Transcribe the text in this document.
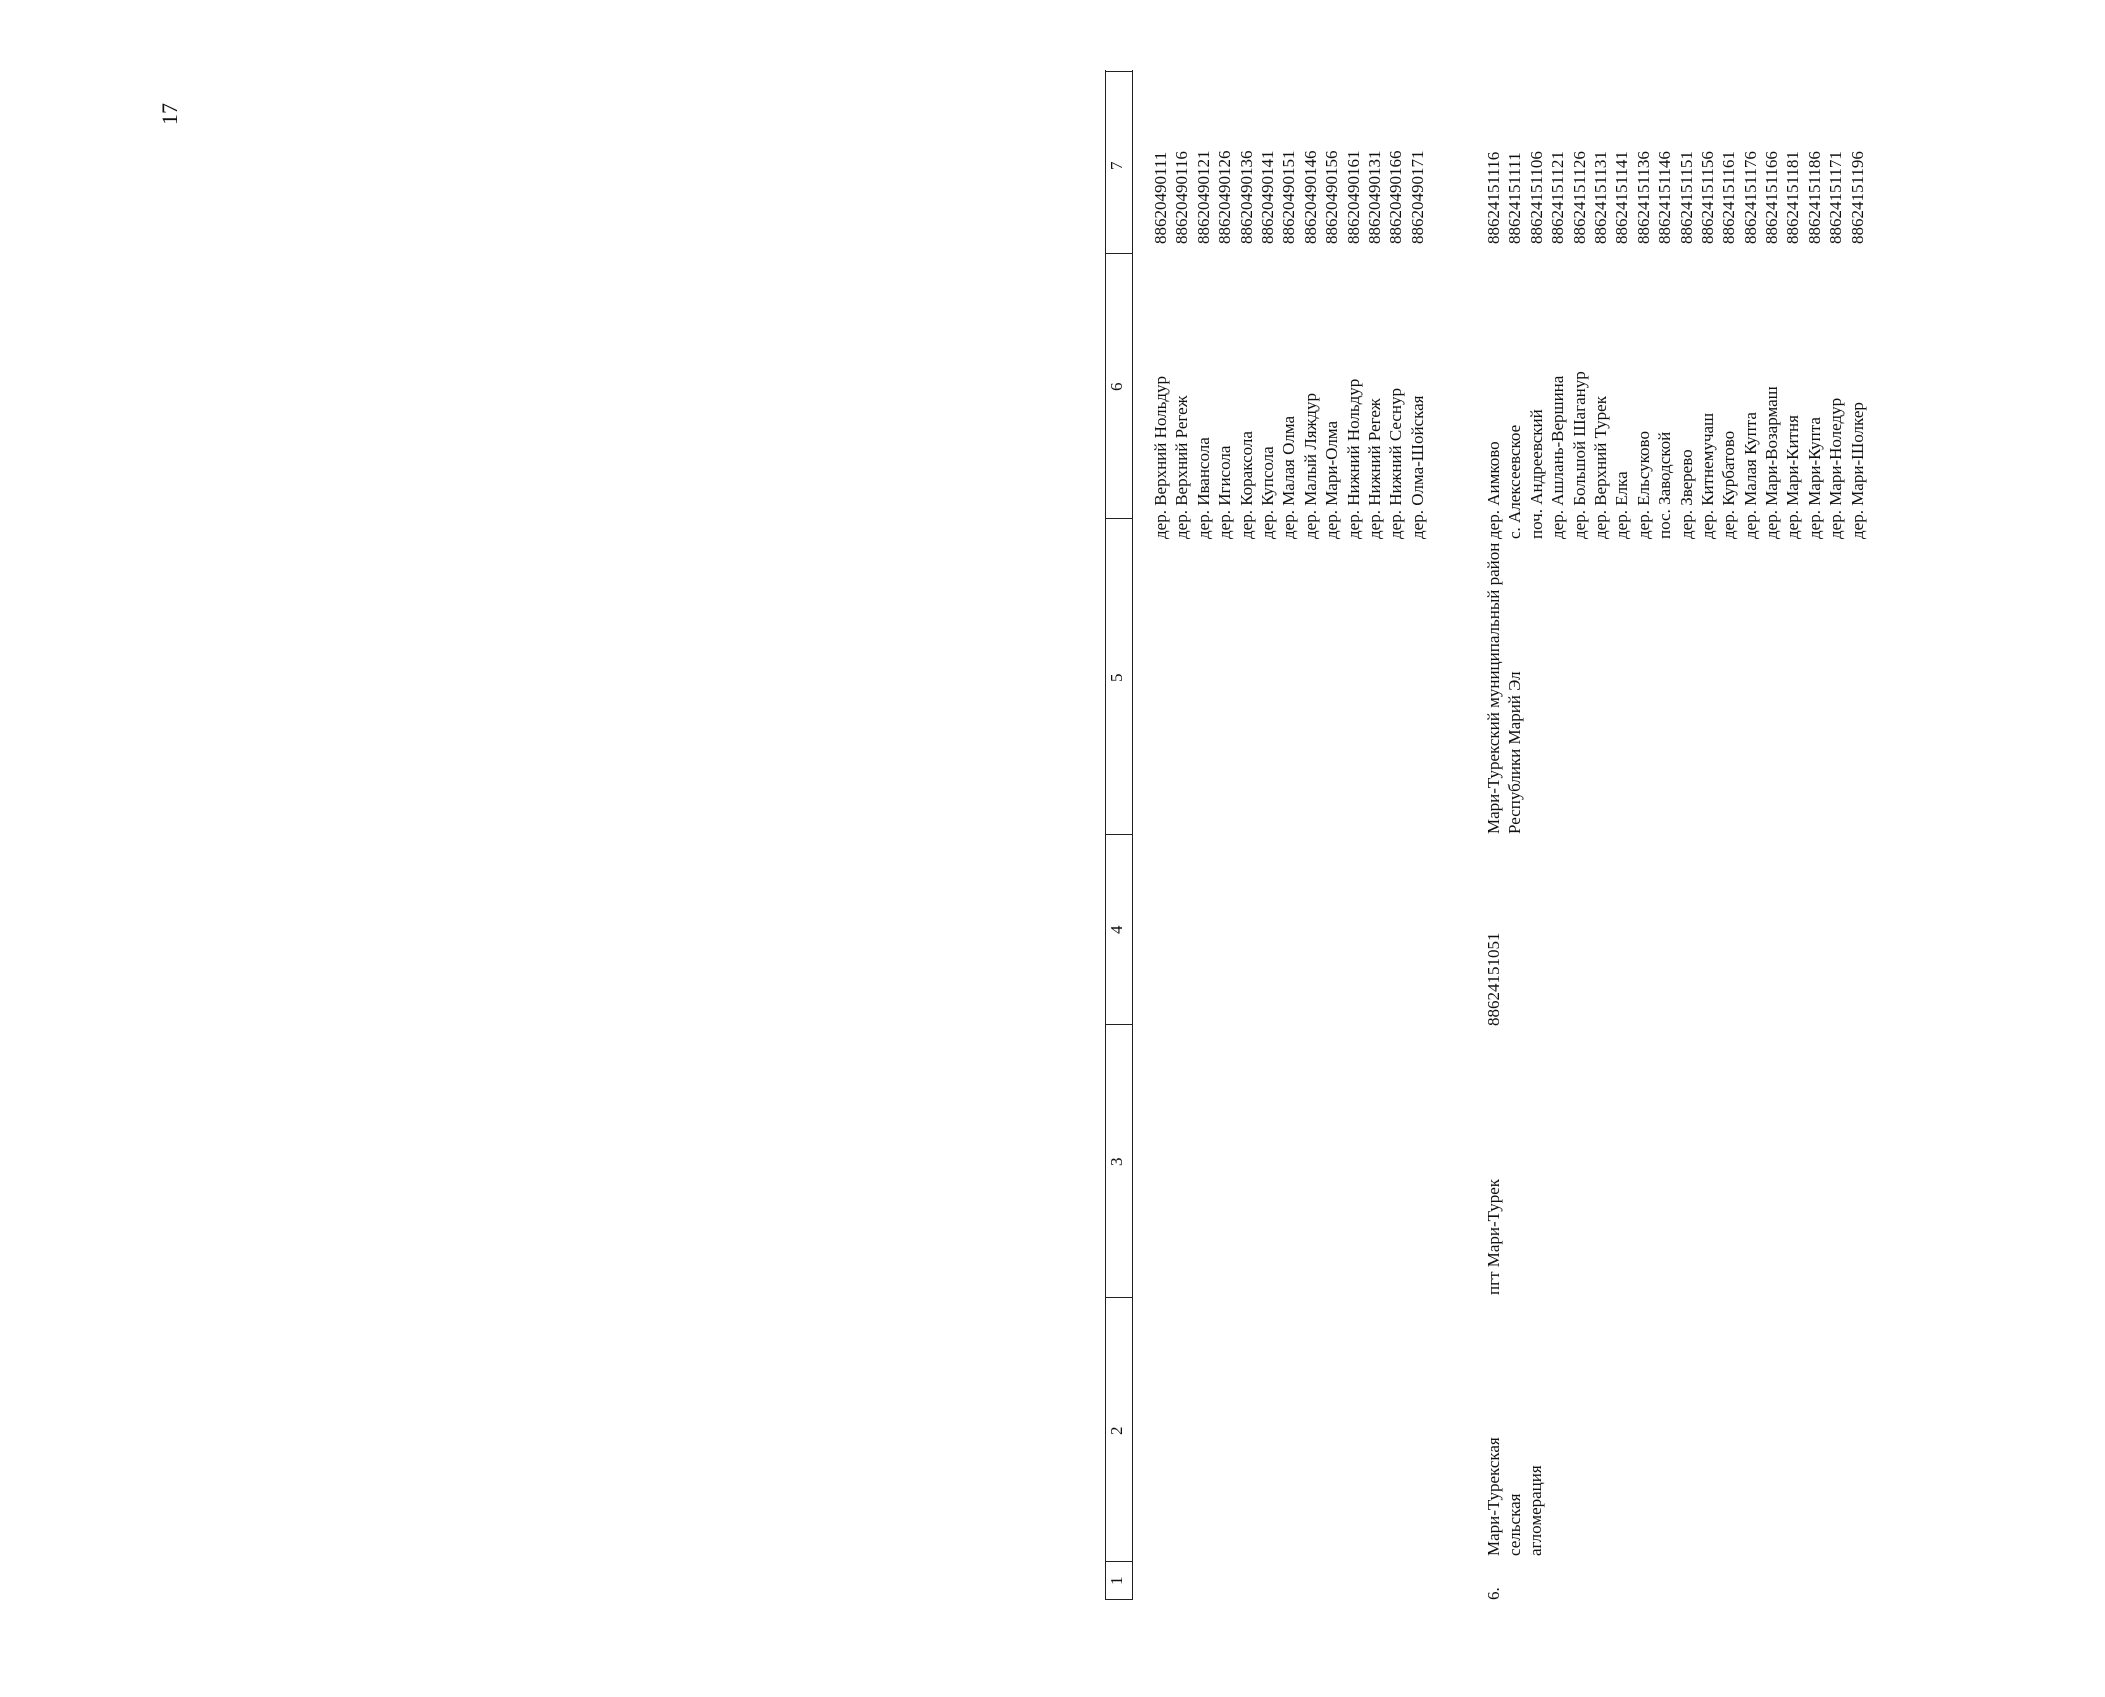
17
1
2
3
4
5
6
7
дер. Верхний Нольдур дер. Верхний Регеж дер. Ивансола дер. Игисола дер. Кораксола дер. Купсола дер. Малая Олма дер. Малый Ляждур дер. Мари-Олма дер. Нижний Нольдур дер. Нижний Регеж дер. Нижний Сеснур дер. Олма-Шойская
88620490111 88620490116 88620490121 88620490126 88620490136 88620490141 88620490151 88620490146 88620490156 88620490161 88620490131 88620490166 88620490171
6.
Мари-Турекская сельская агломерация
пгт Мари-Турек
88624151051
Мари-Турекский муниципальный район Республики Марий Эл
дер. Аимково с. Алексеевское поч. Андреевский дер. Ашлань-Вершина дер. Большой Шаганур дер. Верхний Турек дер. Елка дер. Ельсуково пос. Заводской дер. Зверево дер. Китнемучаш дер. Курбатово дер. Малая Купта дер. Мари-Возармаш дер. Мари-Китня дер. Мари-Купта дер. Мари-Ноледур дер. Мари-Шолкер
88624151116 88624151111 88624151106 88624151121 88624151126 88624151131 88624151141 88624151136 88624151146 88624151151 88624151156 88624151161 88624151176 88624151166 88624151181 88624151186 88624151171 88624151196
